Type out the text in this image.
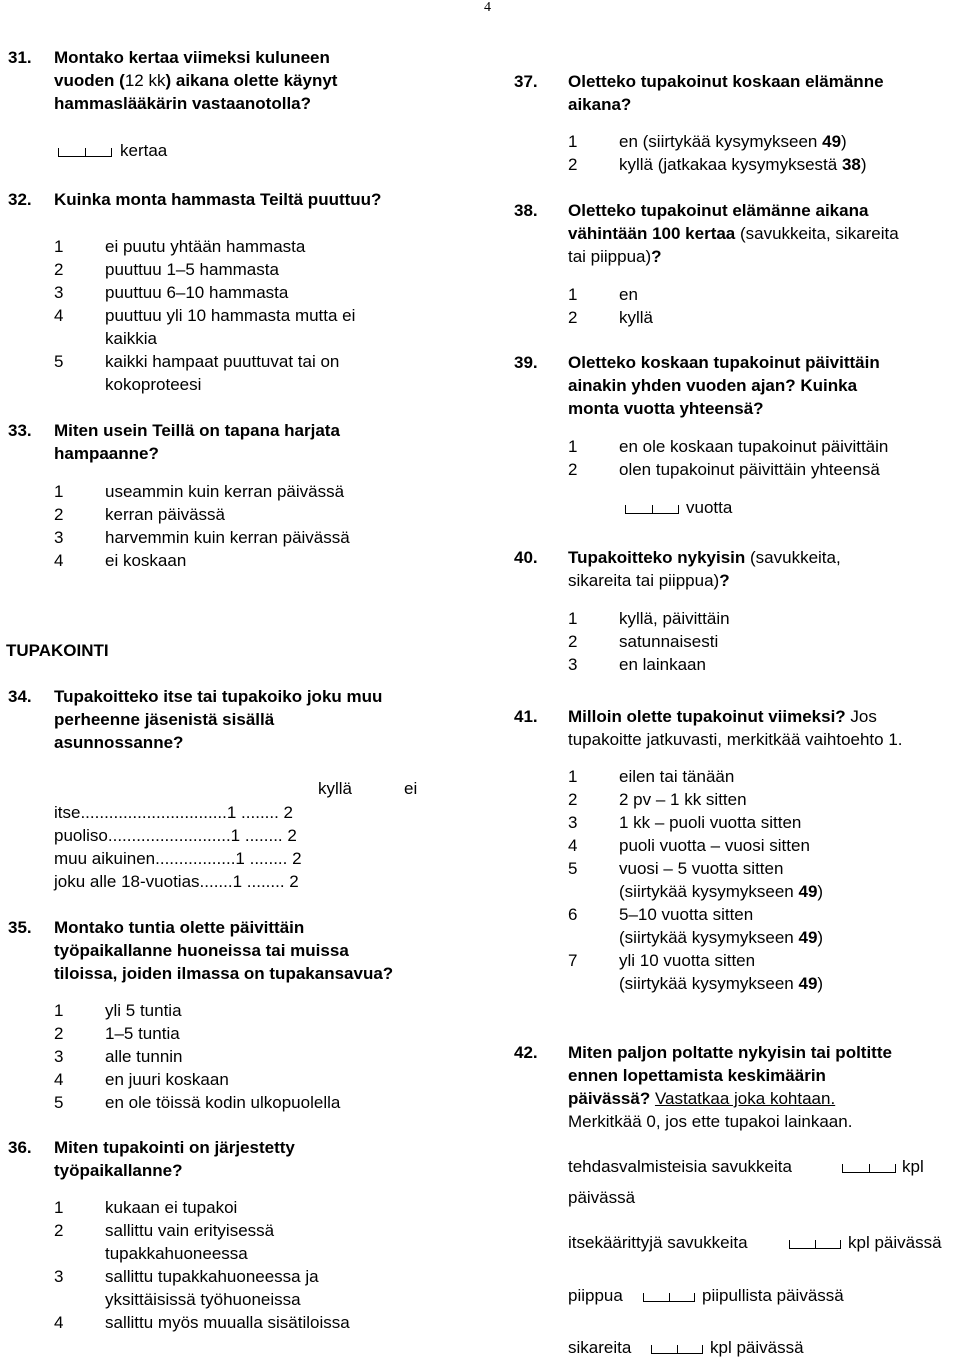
4
31. Montako kertaa viimeksi kuluneen
vuoden (12 kk) aikana olette käynyt
hammaslääkärin vastaanotolla?
kertaa
32. Kuinka monta hammasta Teiltä puuttuu?
1 ei puutu yhtään hammasta
2 puuttuu 1–5 hammasta
3 puuttuu 6–10 hammasta
4 puuttuu yli 10 hammasta mutta ei
kaikkia
5 kaikki hampaat puuttuvat tai on
kokoproteesi
33. Miten usein Teillä on tapana harjata
hampaanne?
1 useammin kuin kerran päivässä
2 kerran päivässä
3 harvemmin kuin kerran päivässä
4 ei koskaan
TUPAKOINTI
34. Tupakoitteko itse tai tupakoiko joku muu
perheenne jäsenistä sisällä
asunnossanne?
kyllä	ei
itse...............................1 ........ 2
puoliso..........................1 ........ 2
muu aikuinen.................1 ........ 2
joku alle 18-vuotias.......1 ........ 2
35. Montako tuntia olette päivittäin
työpaikallanne huoneissa tai muissa
tiloissa, joiden ilmassa on tupakansavua?
1 yli 5 tuntia
2 1–5 tuntia
3 alle tunnin
4 en juuri koskaan
5 en ole töissä kodin ulkopuolella
36. Miten tupakointi on järjestetty
työpaikallanne?
1 kukaan ei tupakoi
2 sallittu vain erityisessä
tupakkahuoneessa
3 sallittu tupakkahuoneessa ja
yksittäisissä työhuoneissa
4 sallittu myös muualla sisätiloissa
37. Oletteko tupakoinut koskaan elämänne
aikana?
1 en (siirtykää kysymykseen 49)
2 kyllä (jatkakaa kysymyksestä 38)
38. Oletteko tupakoinut elämänne aikana
vähintään 100 kertaa (savukkeita, sikareita
tai piippua)?
1 en
2 kyllä
39. Oletteko koskaan tupakoinut päivittäin
ainakin yhden vuoden ajan? Kuinka
monta vuotta yhteensä?
1 en ole koskaan tupakoinut päivittäin
2 olen tupakoinut päivittäin yhteensä
vuotta
40. Tupakoitteko nykyisin (savukkeita,
sikareita tai piippua)?
1 kyllä, päivittäin
2 satunnaisesti
3 en lainkaan
41. Milloin olette tupakoinut viimeksi? Jos
tupakoitte jatkuvasti, merkitkää vaihtoehto 1.
1 eilen tai tänään
2 2 pv – 1 kk sitten
3 1 kk – puoli vuotta sitten
4 puoli vuotta – vuosi sitten
5 vuosi – 5 vuotta sitten
(siirtykää kysymykseen 49)
6 5–10 vuotta sitten
(siirtykää kysymykseen 49)
7 yli 10 vuotta sitten
(siirtykää kysymykseen 49)
42. Miten paljon poltatte nykyisin tai poltitte
ennen lopettamista keskimäärin
päivässä? Vastatkaa joka kohtaan.
Merkitkää 0, jos ette tupakoi lainkaan.
tehdasvalmisteisia savukkeita	kpl
päivässä
itsekäärittyjä savukkeita	kpl päivässä
piippua	piipullista päivässä
sikareita	kpl päivässä
